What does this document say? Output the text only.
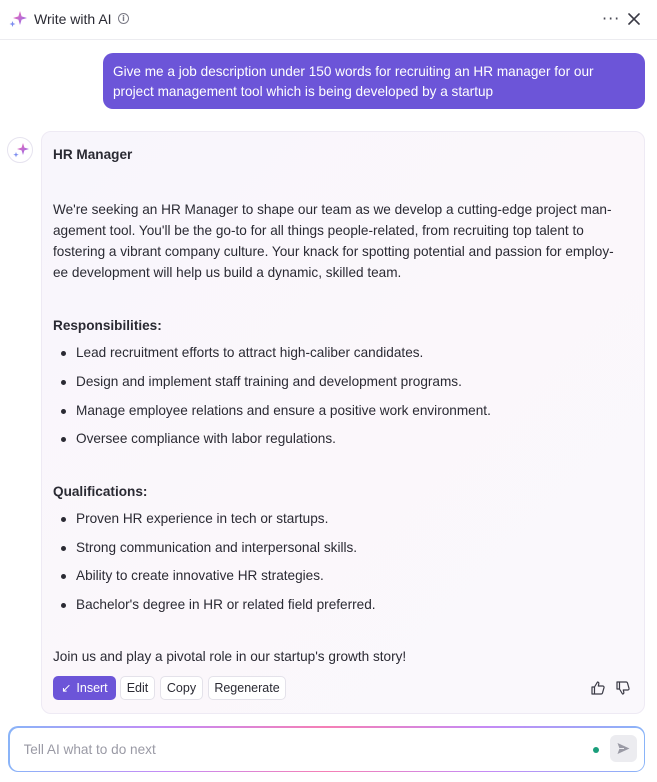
Write with AI	i	···
Give me a job description under 150 words for recruiting an HR manager for our project management tool which is being developed by a startup
HR Manager
We're seeking an HR Manager to shape our team as we develop a cutting-edge project man-
agement tool. You'll be the go-to for all things people-related, from recruiting top talent to
fostering a vibrant company culture. Your knack for spotting potential and passion for employ-
ee development will help us build a dynamic, skilled team.
Responsibilities:
Lead recruitment efforts to attract high-caliber candidates.
Design and implement staff training and development programs.
Manage employee relations and ensure a positive work environment.
Oversee compliance with labor regulations.
Qualifications:
Proven HR experience in tech or startups.
Strong communication and interpersonal skills.
Ability to create innovative HR strategies.
Bachelor's degree in HR or related field preferred.
Join us and play a pivotal role in our startup's growth story!
↙ Insert	Edit	Copy	Regenerate
Tell AI what to do next
